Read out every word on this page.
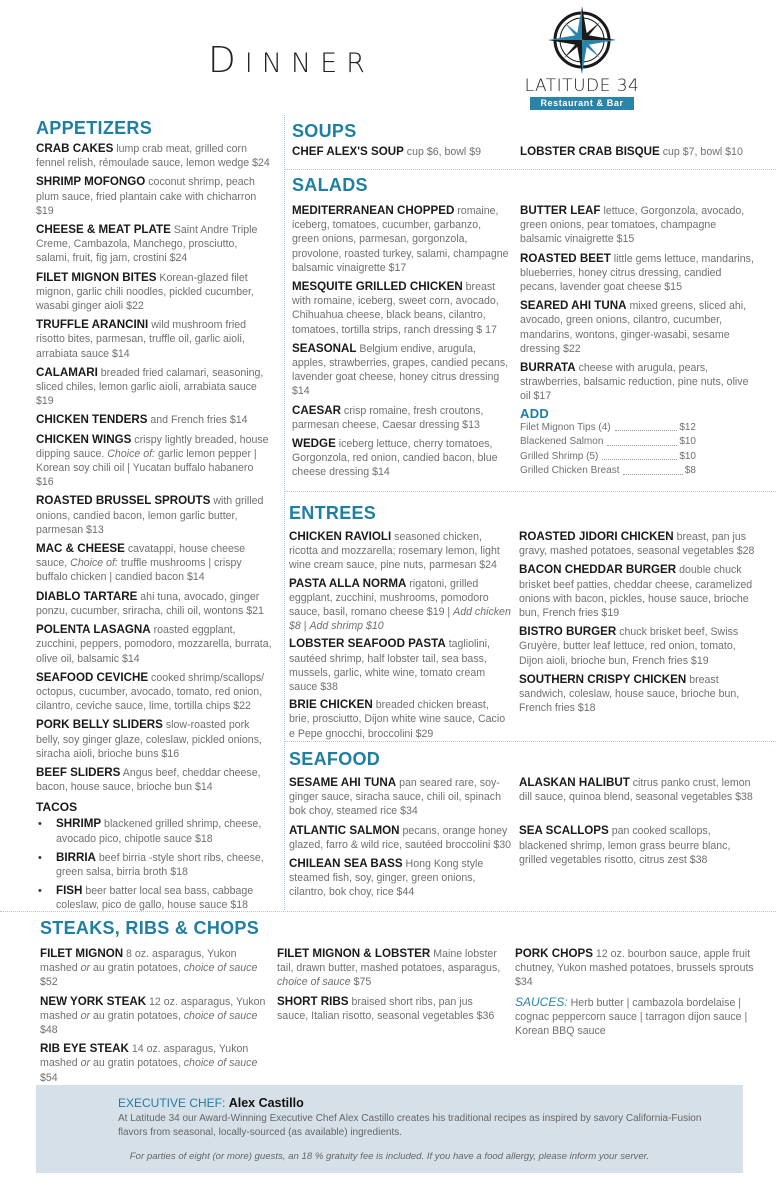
DINNER
LATITUDE 34
Restaurant & Bar
APPETIZERS
CRAB CAKES lump crab meat, grilled corn fennel relish, rémoulade sauce, lemon wedge $24
SHRIMP MOFONGO coconut shrimp, peach plum sauce, fried plantain cake with chicharron $19
CHEESE & MEAT PLATE Saint Andre Triple Creme, Cambazola, Manchego, prosciutto, salami, fruit, fig jam, crostini $24
FILET MIGNON BITES Korean-glazed filet mignon, garlic chili noodles, pickled cucumber, wasabi ginger aioli $22
TRUFFLE ARANCINI wild mushroom fried risotto bites, parmesan, truffle oil, garlic aioli, arrabiata sauce $14
CALAMARI breaded fried calamari, seasoning, sliced chiles, lemon garlic aioli, arrabiata sauce $19
CHICKEN TENDERS and French fries $14
CHICKEN WINGS crispy lightly breaded, house dipping sauce. Choice of: garlic lemon pepper | Korean soy chili oil | Yucatan buffalo habanero $16
ROASTED BRUSSEL SPROUTS with grilled onions, candied bacon, lemon garlic butter, parmesan $13
MAC & CHEESE cavatappi, house cheese sauce, Choice of: truffle mushrooms | crispy buffalo chicken | candied bacon $14
DIABLO TARTARE ahi tuna, avocado, ginger ponzu, cucumber, sriracha, chili oil, wontons $21
POLENTA LASAGNA roasted eggplant, zucchini, peppers, pomodoro, mozzarella, burrata, olive oil, balsamic $14
SEAFOOD CEVICHE cooked shrimp/scallops/ octopus, cucumber, avocado, tomato, red onion, cilantro, ceviche sauce, lime, tortilla chips $22
PORK BELLY SLIDERS slow-roasted pork belly, soy ginger glaze, coleslaw, pickled onions, siracha aioli, brioche buns $16
BEEF SLIDERS Angus beef, cheddar cheese, bacon, house sauce, brioche bun $14
TACOS
• SHRIMP blackened grilled shrimp, cheese, avocado pico, chipotle sauce $18
• BIRRIA beef birria -style short ribs, cheese, green salsa, birria broth $18
• FISH beer batter local sea bass, cabbage coleslaw, pico de gallo, house sauce $18
SOUPS
CHEF ALEX'S SOUP cup $6, bowl $9	LOBSTER CRAB BISQUE cup $7, bowl $10
SALADS
MEDITERRANEAN CHOPPED romaine, iceberg, tomatoes, cucumber, garbanzo, green onions, parmesan, gorgonzola, provolone, roasted turkey, salami, champagne balsamic vinaigrette $17
MESQUITE GRILLED CHICKEN breast with romaine, iceberg, sweet corn, avocado, Chihuahua cheese, black beans, cilantro, tomatoes, tortilla strips, ranch dressing $ 17
SEASONAL Belgium endive, arugula, apples, strawberries, grapes, candied pecans, lavender goat cheese, honey citrus dressing $14
CAESAR crisp romaine, fresh croutons, parmesan cheese, Caesar dressing $13
WEDGE iceberg lettuce, cherry tomatoes, Gorgonzola, red onion, candied bacon, blue cheese dressing $14
BUTTER LEAF lettuce, Gorgonzola, avocado, green onions, pear tomatoes, champagne balsamic vinaigrette $15
ROASTED BEET little gems lettuce, mandarins, blueberries, honey citrus dressing, candied pecans, lavender goat cheese $15
SEARED AHI TUNA mixed greens, sliced ahi, avocado, green onions, cilantro, cucumber, mandarins, wontons, ginger-wasabi, sesame dressing $22
BURRATA cheese with arugula, pears, strawberries, balsamic reduction, pine nuts, olive oil $17
ADD
Filet Mignon Tips (4)	$12
Blackened Salmon	$10
Grilled Shrimp (5)	$10
Grilled Chicken Breast	$8
ENTREES
CHICKEN RAVIOLI seasoned chicken, ricotta and mozzarella; rosemary lemon, light wine cream sauce, pine nuts, parmesan $24
PASTA ALLA NORMA rigatoni, grilled eggplant, zucchini, mushrooms, pomodoro sauce, basil, romano cheese $19 | Add chicken $8 | Add shrimp $10
LOBSTER SEAFOOD PASTA tagliolini, sautéed shrimp, half lobster tail, sea bass, mussels, garlic, white wine, tomato cream sauce $38
BRIE CHICKEN breaded chicken breast, brie, prosciutto, Dijon white wine sauce, Cacio e Pepe gnocchi, broccolini $29
ROASTED JIDORI CHICKEN breast, pan jus gravy, mashed potatoes, seasonal vegetables $28
BACON CHEDDAR BURGER double chuck brisket beef patties, cheddar cheese, caramelized onions with bacon, pickles, house sauce, brioche bun, French fries $19
BISTRO BURGER chuck brisket beef, Swiss Gruyère, butter leaf lettuce, red onion, tomato, Dijon aioli, brioche bun, French fries $19
SOUTHERN CRISPY CHICKEN breast sandwich, coleslaw, house sauce, brioche bun, French fries $18
SEAFOOD
SESAME AHI TUNA pan seared rare, soy-ginger sauce, siracha sauce, chili oil, spinach bok choy, steamed rice $34
ATLANTIC SALMON pecans, orange honey glazed, farro & wild rice, sautéed broccolini $30
CHILEAN SEA BASS Hong Kong style steamed fish, soy, ginger, green onions, cilantro, bok choy, rice $44
ALASKAN HALIBUT citrus panko crust, lemon dill sauce, quinoa blend, seasonal vegetables $38
SEA SCALLOPS pan cooked scallops, blackened shrimp, lemon grass beurre blanc, grilled vegetables risotto, citrus zest $38
STEAKS, RIBS & CHOPS
FILET MIGNON 8 oz. asparagus, Yukon mashed or au gratin potatoes, choice of sauce $52
NEW YORK STEAK 12 oz. asparagus, Yukon mashed or au gratin potatoes, choice of sauce $48
RIB EYE STEAK 14 oz. asparagus, Yukon mashed or au gratin potatoes, choice of sauce $54
FILET MIGNON & LOBSTER Maine lobster tail, drawn butter, mashed potatoes, asparagus, choice of sauce $75
SHORT RIBS braised short ribs, pan jus sauce, Italian risotto, seasonal vegetables $36
PORK CHOPS 12 oz. bourbon sauce, apple fruit chutney, Yukon mashed potatoes, brussels sprouts $34
SAUCES: Herb butter | cambazola bordelaise | cognac peppercorn sauce | tarragon dijon sauce | Korean BBQ sauce
EXECUTIVE CHEF: Alex Castillo
At Latitude 34 our Award-Winning Executive Chef Alex Castillo creates his traditional recipes as inspired by savory California-Fusion flavors from seasonal, locally-sourced (as available) ingredients.
For parties of eight (or more) guests, an 18 % gratuity fee is included. If you have a food allergy, please inform your server.
